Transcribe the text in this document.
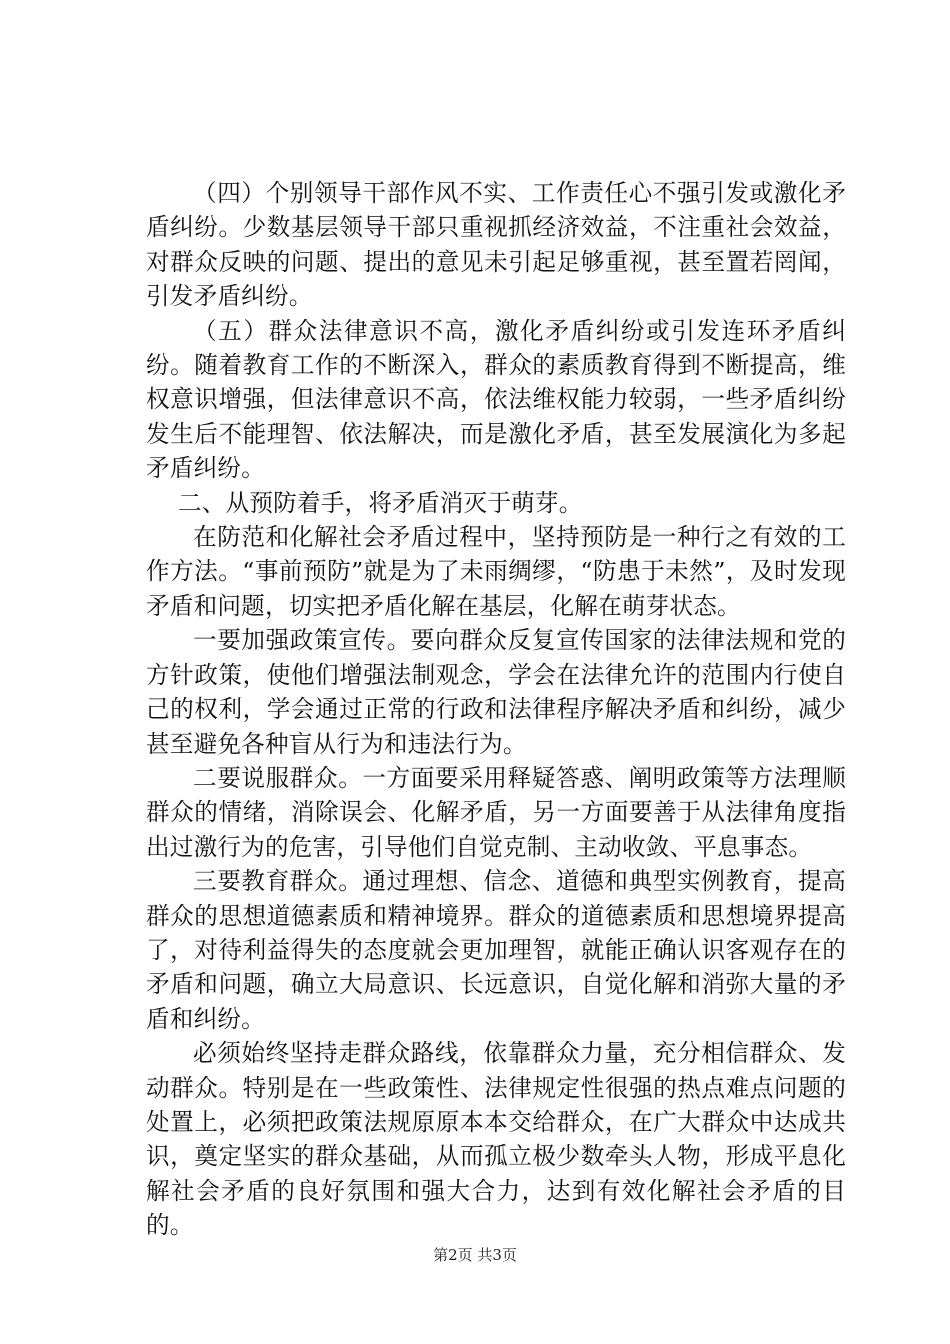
（四）个别领导干部作风不实、工作责任心不强引发或激化矛盾纠纷。少数基层领导干部只重视抓经济效益，不注重社会效益，对群众反映的问题、提出的意见未引起足够重视，甚至置若罔闻，引发矛盾纠纷。

（五）群众法律意识不高，激化矛盾纠纷或引发连环矛盾纠纷。随着教育工作的不断深入，群众的素质教育得到不断提高，维权意识增强，但法律意识不高，依法维权能力较弱，一些矛盾纠纷发生后不能理智、依法解决，而是激化矛盾，甚至发展演化为多起矛盾纠纷。

二、从预防着手，将矛盾消灭于萌芽。

在防范和化解社会矛盾过程中，坚持预防是一种行之有效的工作方法。“事前预防”就是为了未雨绸缪，“防患于未然”，及时发现矛盾和问题，切实把矛盾化解在基层，化解在萌芽状态。

一要加强政策宣传。要向群众反复宣传国家的法律法规和党的方针政策，使他们增强法制观念，学会在法律允许的范围内行使自己的权利，学会通过正常的行政和法律程序解决矛盾和纠纷，减少甚至避免各种盲从行为和违法行为。

二要说服群众。一方面要采用释疑答惑、阐明政策等方法理顺群众的情绪，消除误会、化解矛盾，另一方面要善于从法律角度指出过激行为的危害，引导他们自觉克制、主动收敛、平息事态。

三要教育群众。通过理想、信念、道德和典型实例教育，提高群众的思想道德素质和精神境界。群众的道德素质和思想境界提高了，对待利益得失的态度就会更加理智，就能正确认识客观存在的矛盾和问题，确立大局意识、长远意识，自觉化解和消弥大量的矛盾和纠纷。

必须始终坚持走群众路线，依靠群众力量，充分相信群众、发动群众。特别是在一些政策性、法律规定性很强的热点难点问题的处置上，必须把政策法规原原本本交给群众，在广大群众中达成共识，奠定坚实的群众基础，从而孤立极少数牵头人物，形成平息化解社会矛盾的良好氛围和强大合力，达到有效化解社会矛盾的目的。

第2页 共3页
